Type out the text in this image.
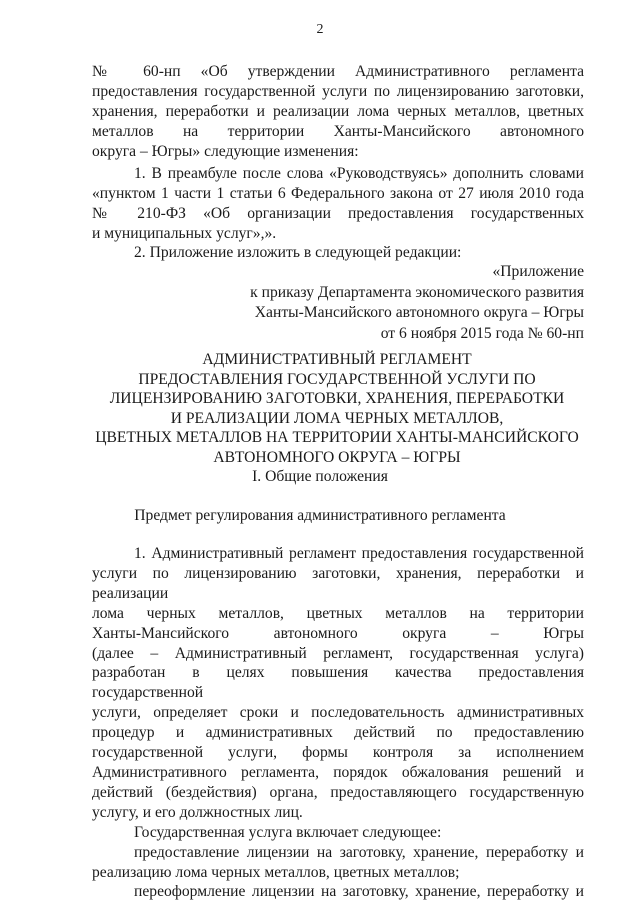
2
№ 60-нп «Об утверждении Административного регламента
предоставления государственной услуги по лицензированию заготовки,
хранения, переработки и реализации лома черных металлов, цветных
металлов на территории Ханты-Мансийского автономного
округа – Югры» следующие изменения:
1. В преамбуле после слова «Руководствуясь» дополнить словами
«пунктом 1 части 1 статьи 6 Федерального закона от 27 июля 2010 года
№ 210-ФЗ «Об организации предоставления государственных
и муниципальных услуг»,».
2. Приложение изложить в следующей редакции:
«Приложение
к приказу Департамента экономического развития
Ханты-Мансийского автономного округа – Югры
от 6 ноября 2015 года № 60-нп
АДМИНИСТРАТИВНЫЙ РЕГЛАМЕНТ
ПРЕДОСТАВЛЕНИЯ ГОСУДАРСТВЕННОЙ УСЛУГИ ПО
ЛИЦЕНЗИРОВАНИЮ ЗАГОТОВКИ, ХРАНЕНИЯ, ПЕРЕРАБОТКИ
И РЕАЛИЗАЦИИ ЛОМА ЧЕРНЫХ МЕТАЛЛОВ,
ЦВЕТНЫХ МЕТАЛЛОВ НА ТЕРРИТОРИИ ХАНТЫ-МАНСИЙСКОГО
АВТОНОМНОГО ОКРУГА – ЮГРЫ
I. Общие положения
Предмет регулирования административного регламента
1. Административный регламент предоставления государственной
услуги по лицензированию заготовки, хранения, переработки и реализации
лома черных металлов, цветных металлов на территории
Ханты-Мансийского автономного округа – Югры
(далее – Административный регламент, государственная услуга)
разработан в целях повышения качества предоставления государственной
услуги, определяет сроки и последовательность административных
процедур и административных действий по предоставлению
государственной услуги, формы контроля за исполнением
Административного регламента, порядок обжалования решений и
действий (бездействия) органа, предоставляющего государственную
услугу, и его должностных лиц.
Государственная услуга включает следующее:
предоставление лицензии на заготовку, хранение, переработку и
реализацию лома черных металлов, цветных металлов;
переоформление лицензии на заготовку, хранение, переработку и
